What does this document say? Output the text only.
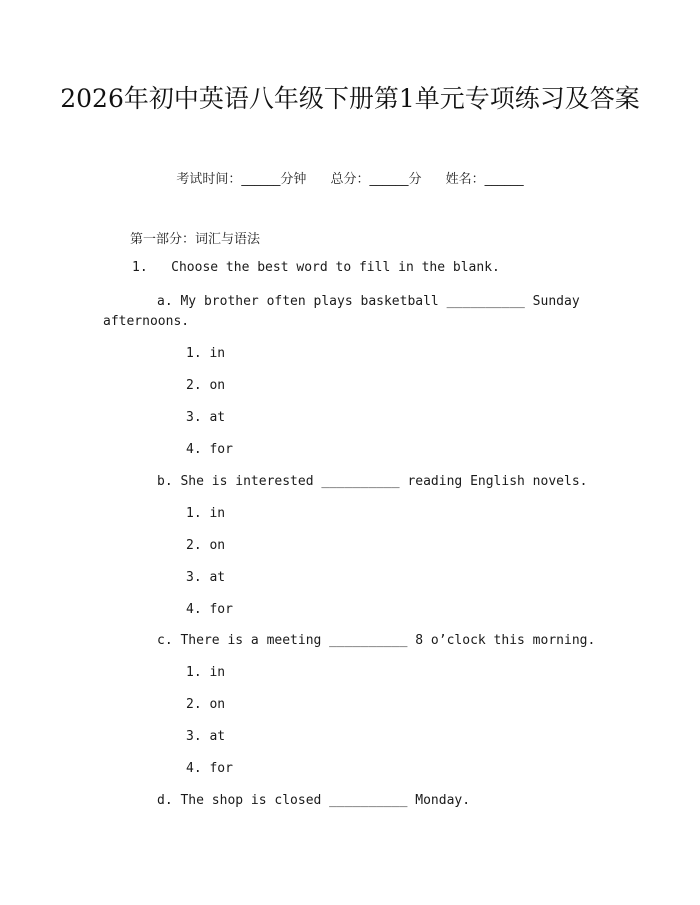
2026年初中英语八年级下册第1单元专项练习及答案
考试时间：______分钟 总分：______分 姓名：______
第一部分：词汇与语法
1. Choose the best word to fill in the blank.
a. My brother often plays basketball __________ Sunday
afternoons.
1. in
2. on
3. at
4. for
b. She is interested __________ reading English novels.
1. in
2. on
3. at
4. for
c. There is a meeting __________ 8 o’clock this morning.
1. in
2. on
3. at
4. for
d. The shop is closed __________ Monday.
